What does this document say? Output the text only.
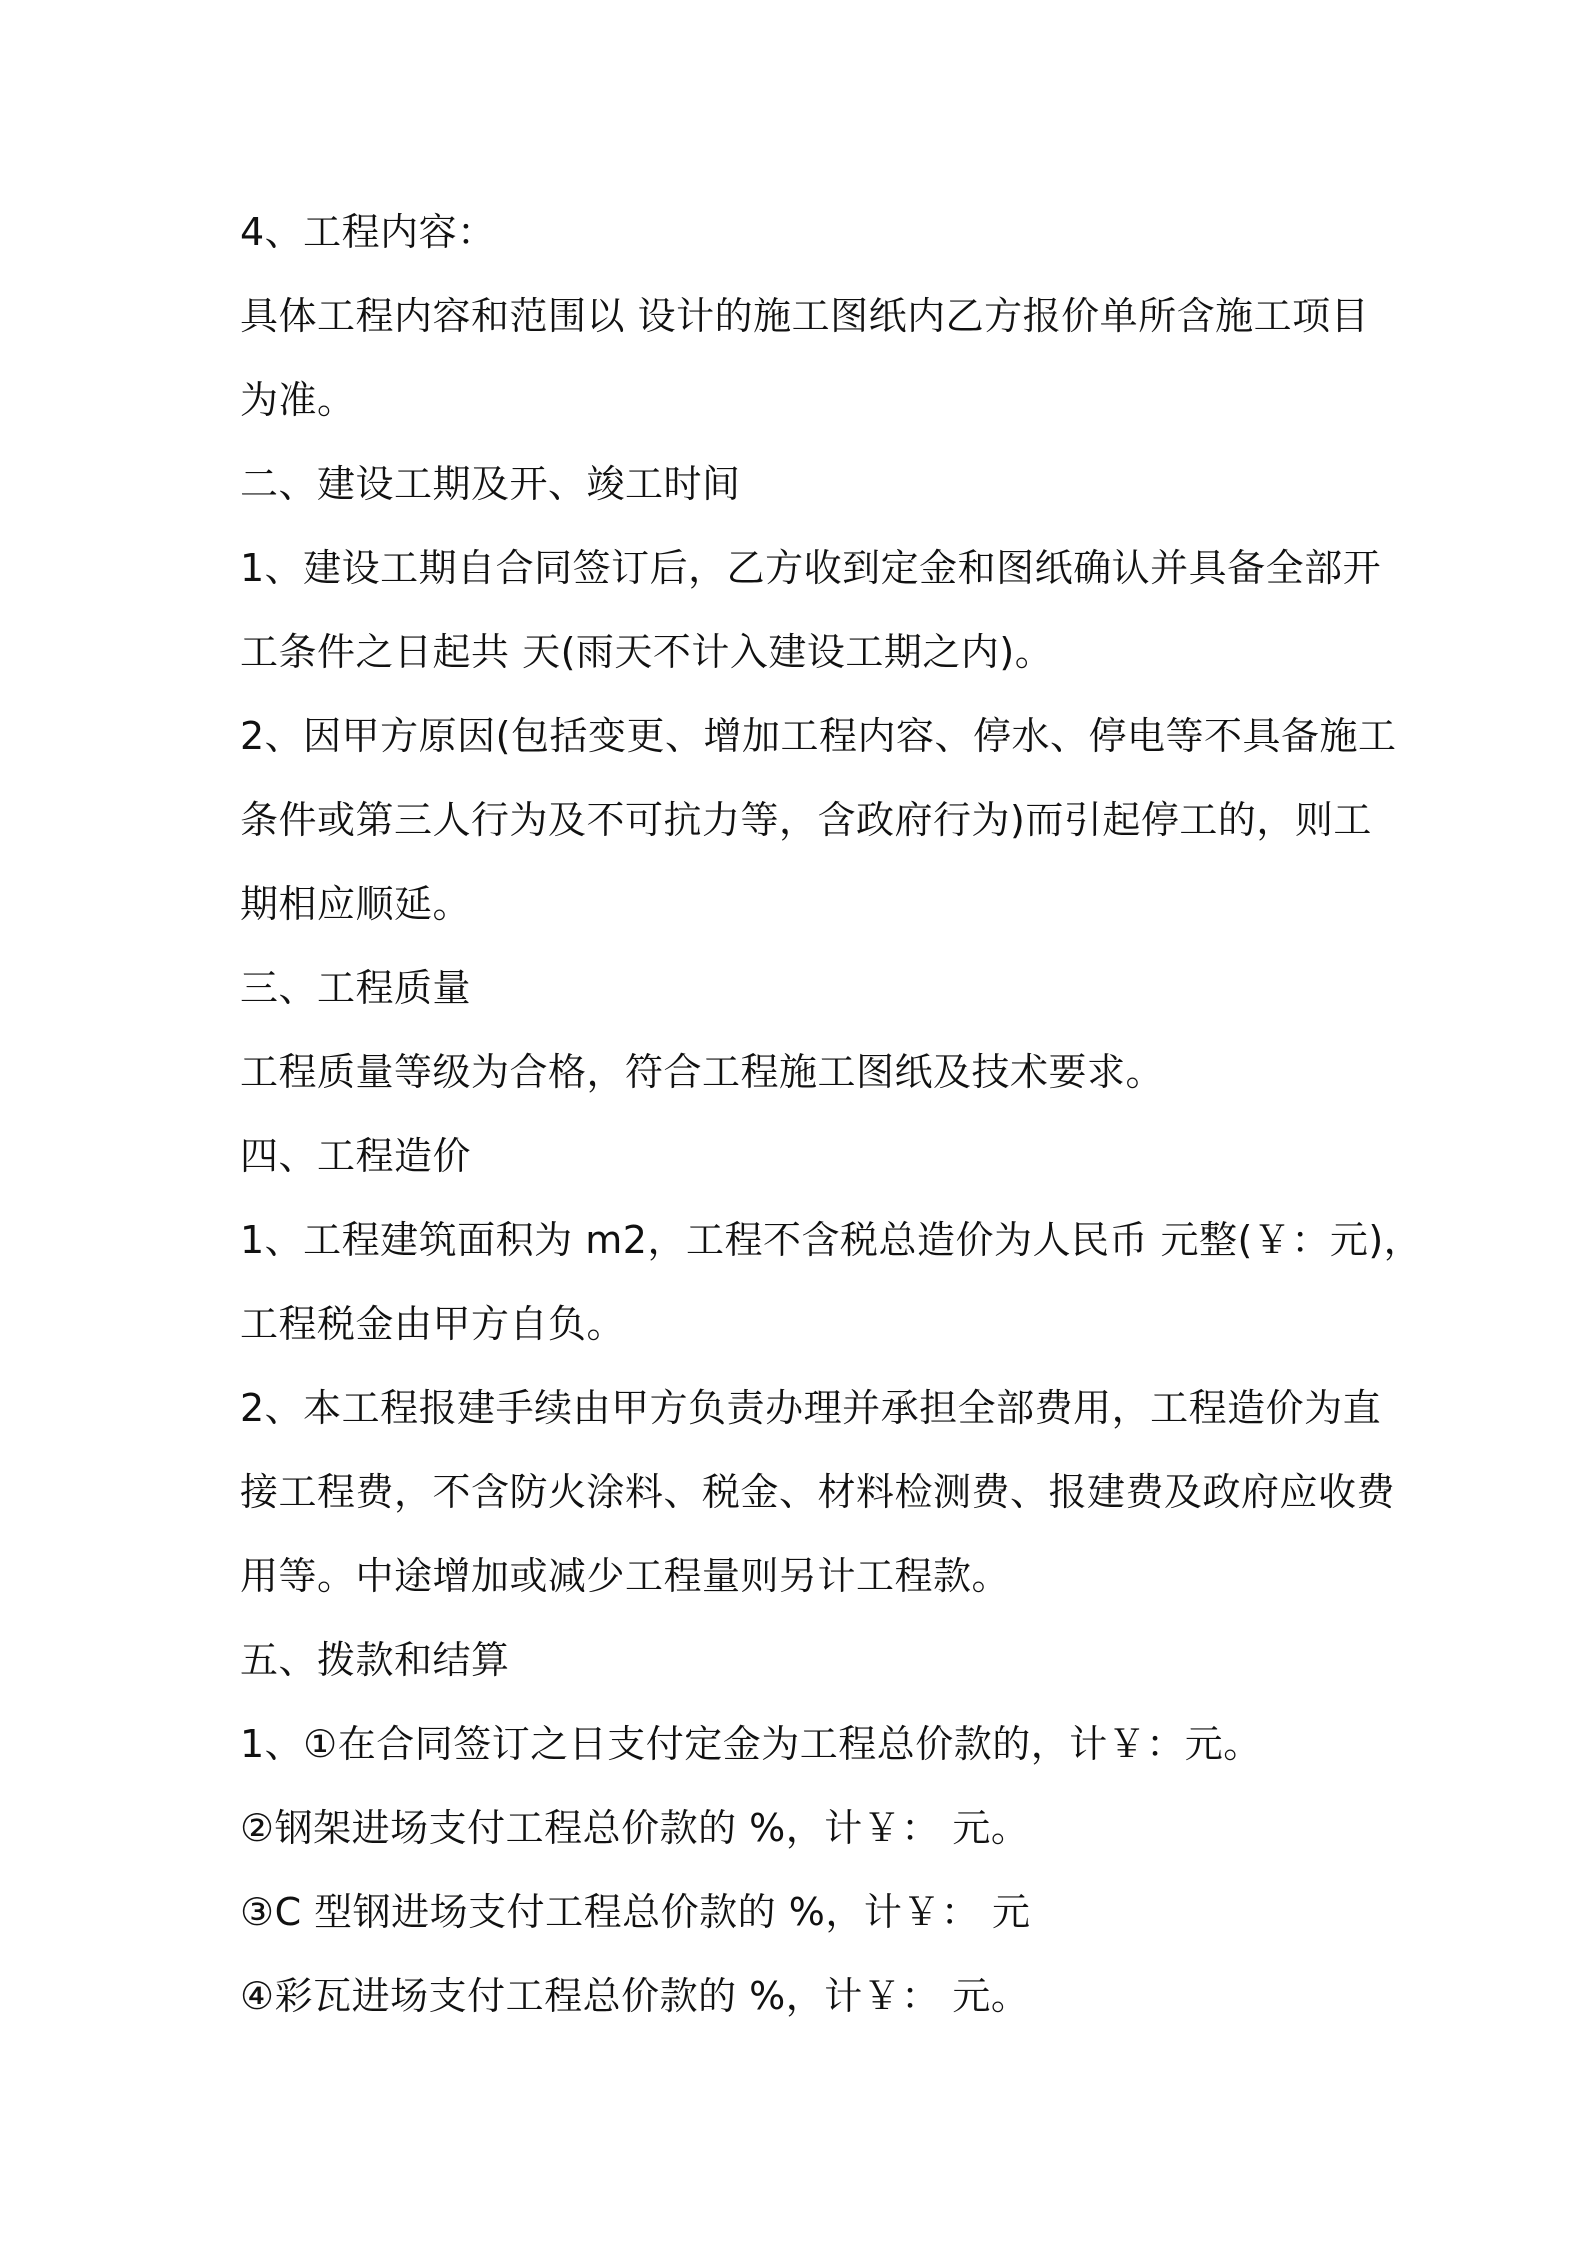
4、工程内容：

具体工程内容和范围以 设计的施工图纸内乙方报价单所含施工项目

为准。

二、建设工期及开、竣工时间

1、建设工期自合同签订后，乙方收到定金和图纸确认并具备全部开

工条件之日起共 天(雨天不计入建设工期之内)。

2、因甲方原因(包括变更、增加工程内容、停水、停电等不具备施工

条件或第三人行为及不可抗力等，含政府行为)而引起停工的，则工

期相应顺延。

三、工程质量

工程质量等级为合格，符合工程施工图纸及技术要求。

四、工程造价

1、工程建筑面积为 m2，工程不含税总造价为人民币 元整(￥：元)，

工程税金由甲方自负。

2、本工程报建手续由甲方负责办理并承担全部费用，工程造价为直

接工程费，不含防火涂料、税金、材料检测费、报建费及政府应收费

用等。中途增加或减少工程量则另计工程款。

五、拨款和结算

1、①在合同签订之日支付定金为工程总价款的，计￥：元。

②钢架进场支付工程总价款的 %，计￥： 元。

③C 型钢进场支付工程总价款的 %，计￥： 元

④彩瓦进场支付工程总价款的 %，计￥： 元。
